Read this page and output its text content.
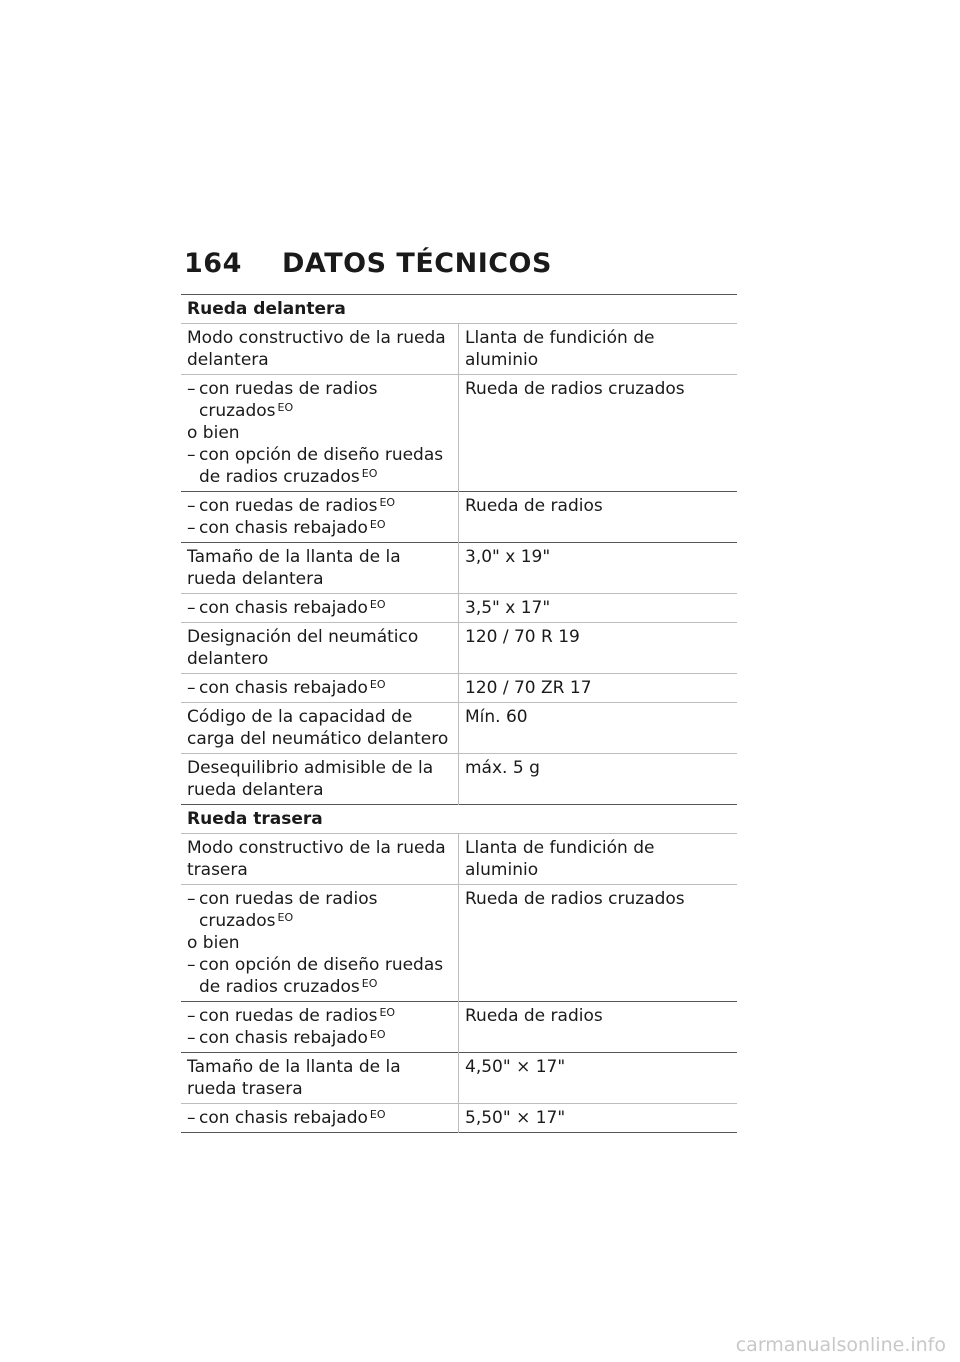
164	DATOS TÉCNICOS
Rueda delantera	
Modo constructivo de la rueda delantera	Llanta de fundición de aluminio

– con ruedas de radios cruzados $^{EO}$
o bien
– con opción de diseño ruedas de radios cruzados $^{EO}$	Rueda de radios cruzados

– con ruedas de radios $^{EO}$
– con chasis rebajado $^{EO}$	Rueda de radios
Tamaño de la llanta de la rueda delantera	3,0" x 19"

– con chasis rebajado $^{EO}$	3,5" x 17"
Designación del neumático delantero	120 / 70 R 19

– con chasis rebajado $^{EO}$	120 / 70 ZR 17
Código de la capacidad de carga del neumático delantero	Mín. 60
Desequilibrio admisible de la rueda delantera	máx. 5 g
Rueda trasera	
Modo constructivo de la rueda trasera	Llanta de fundición de aluminio

– con ruedas de radios cruzados $^{EO}$
o bien
– con opción de diseño ruedas de radios cruzados $^{EO}$	Rueda de radios cruzados

– con ruedas de radios $^{EO}$
– con chasis rebajado $^{EO}$	Rueda de radios
Tamaño de la llanta de la rueda trasera	4,50" × 17"

– con chasis rebajado $^{EO}$	5,50" × 17"
carmanualsonline.info
